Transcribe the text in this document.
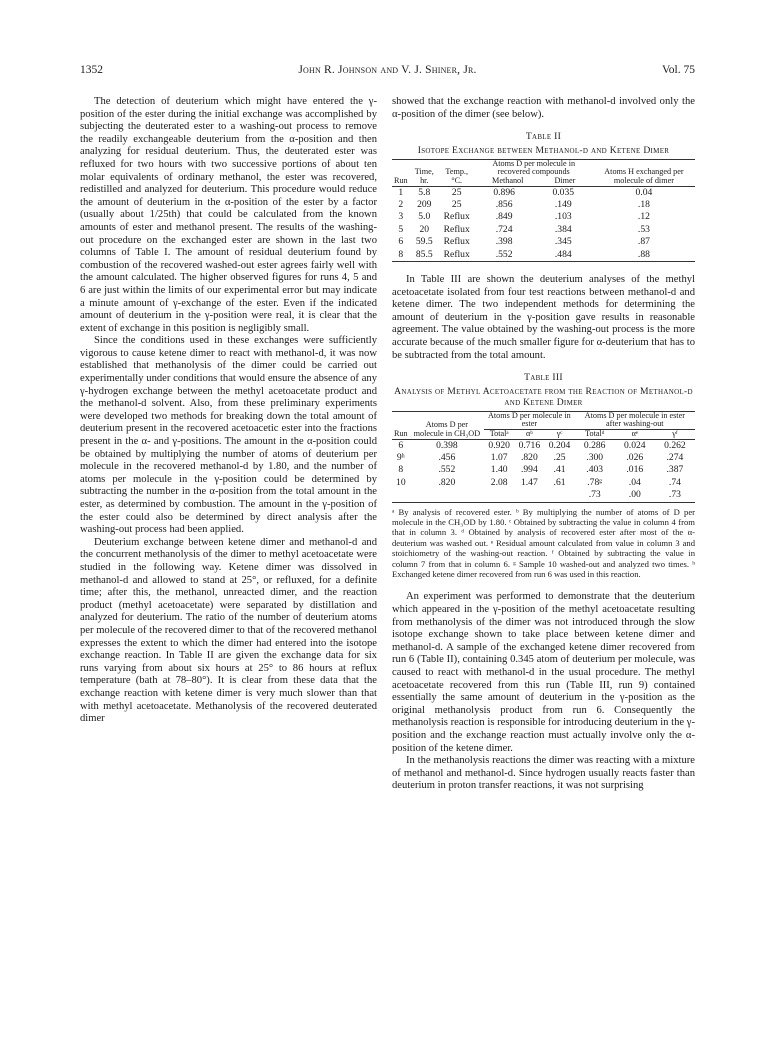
1352	John R. Johnson and V. J. Shiner, Jr.	Vol. 75

The detection of deuterium which might have entered the γ-position of the ester during the initial exchange was accomplished by subjecting the deuterated ester to a washing-out process to remove the readily exchangeable deuterium from the α-position and then analyzing for residual deuterium. Thus, the deuterated ester was refluxed for two hours with two successive portions of about ten molar equivalents of ordinary methanol, the ester was recovered, redistilled and analyzed for deuterium. This procedure would reduce the amount of deuterium in the α-position of the ester by a factor (usually about 1/25th) that could be calculated from the known amounts of ester and methanol present. The results of the washing-out procedure on the exchanged ester are shown in the last two columns of Table I. The amount of residual deuterium found by combustion of the recovered washed-out ester agrees fairly well with the amount calculated. The higher observed figures for runs 4, 5 and 6 are just within the limits of our experimental error but may indicate a minute amount of γ-exchange of the ester. Even if the indicated amount of deuterium in the γ-position were real, it is clear that the extent of exchange in this position is negligibly small.

Since the conditions used in these exchanges were sufficiently vigorous to cause ketene dimer to react with methanol-d, it was now established that methanolysis of the dimer could be carried out experimentally under conditions that would ensure the absence of any γ-hydrogen exchange between the methyl acetoacetate product and the methanol-d solvent. Also, from these preliminary experiments were developed two methods for breaking down the total amount of deuterium present in the recovered acetoacetic ester into the fractions present in the α- and γ-positions. The amount in the α-position could be obtained by multiplying the number of atoms of deuterium per molecule in the recovered methanol-d by 1.80, and the number of atoms per molecule in the γ-position could be determined by subtracting the number in the α-position from the total amount in the ester, as determined by combustion. The amount in the γ-position of the ester could also be determined by direct analysis after the washing-out process had been applied.

Deuterium exchange between ketene dimer and methanol-d and the concurrent methanolysis of the dimer to methyl acetoacetate were studied in the following way. Ketene dimer was dissolved in methanol-d and allowed to stand at 25°, or refluxed, for a definite time; after this, the methanol, unreacted dimer, and the reaction product (methyl acetoacetate) were separated by distillation and analyzed for deuterium. The ratio of the number of deuterium atoms per molecule of the recovered dimer to that of the recovered methanol expresses the extent to which the dimer had entered into the isotope exchange reaction. In Table II are given the exchange data for six runs varying from about six hours at 25° to 86 hours at reflux temperature (bath at 78–80°). It is clear from these data that the exchange reaction with ketene dimer is very much slower than that with methyl acetoacetate. Methanolysis of the recovered deuterated dimer

showed that the exchange reaction with methanol-d involved only the α-position of the dimer (see below).

Table II
Isotope Exchange between Methanol-d and Ketene Dimer
Run	Time, hr.	Temp., °C.	Atoms D per molecule in recovered compounds
Methanol Dimer		Atoms H exchanged per molecule of dimer
1	5.8	25	0.896	0.035	0.04
2	209	25	.856	.149	.18
3	5.0	Reflux	.849	.103	.12
5	20	Reflux	.724	.384	.53
6	59.5	Reflux	.398	.345	.87
8	85.5	Reflux	.552	.484	.88

In Table III are shown the deuterium analyses of the methyl acetoacetate isolated from four test reactions between methanol-d and ketene dimer. The two independent methods for determining the amount of deuterium in the γ-position gave results in reasonable agreement. The value obtained by the washing-out process is the more accurate because of the much smaller figure for α-deuterium that has to be subtracted from the total amount.

Table III
Analysis of Methyl Acetoacetate from the Reaction of Methanol-d and Ketene Dimer
Run	Atoms D per molecule in CH₃OD	Atoms D per molecule in ester			Atoms D per molecule in ester after washing-out		
		Totalᵃ	αᵇ	γᶜ	Totalᵈ	αᵉ	γᶠ
6	0.398	0.920	0.716	0.204	0.286	0.024	0.262
9ʰ	.456	1.07	.820	.25	.300	.026	.274
8	.552	1.40	.994	.41	.403	.016	.387
10	.820	2.08	1.47	.61	.78ᵍ	.04	.74
					.73	.00	.73
ᵃ By analysis of recovered ester. ᵇ By multiplying the number of atoms of D per molecule in the CH₃OD by 1.80. ᶜ Obtained by subtracting the value in column 4 from that in column 3. ᵈ Obtained by analysis of recovered ester after most of the α-deuterium was washed out. ᵉ Residual amount calculated from value in column 3 and stoichiometry of the washing-out reaction. ᶠ Obtained by subtracting the value in column 7 from that in column 6. ᵍ Sample 10 washed-out and analyzed two times. ʰ Exchanged ketene dimer recovered from run 6 was used in this reaction.

An experiment was performed to demonstrate that the deuterium which appeared in the γ-position of the methyl acetoacetate resulting from methanolysis of the dimer was not introduced through the slow isotope exchange shown to take place between ketene dimer and methanol-d. A sample of the exchanged ketene dimer recovered from run 6 (Table II), containing 0.345 atom of deuterium per molecule, was caused to react with methanol-d in the usual procedure. The methyl acetoacetate recovered from this run (Table III, run 9) contained essentially the same amount of deuterium in the γ-position as the original methanolysis product from run 6. Consequently the methanolysis reaction is responsible for introducing deuterium in the γ-position and the exchange reaction must actually involve only the α-position of the ketene dimer.

In the methanolysis reactions the dimer was reacting with a mixture of methanol and methanol-d. Since hydrogen usually reacts faster than deuterium in proton transfer reactions, it was not surprising
